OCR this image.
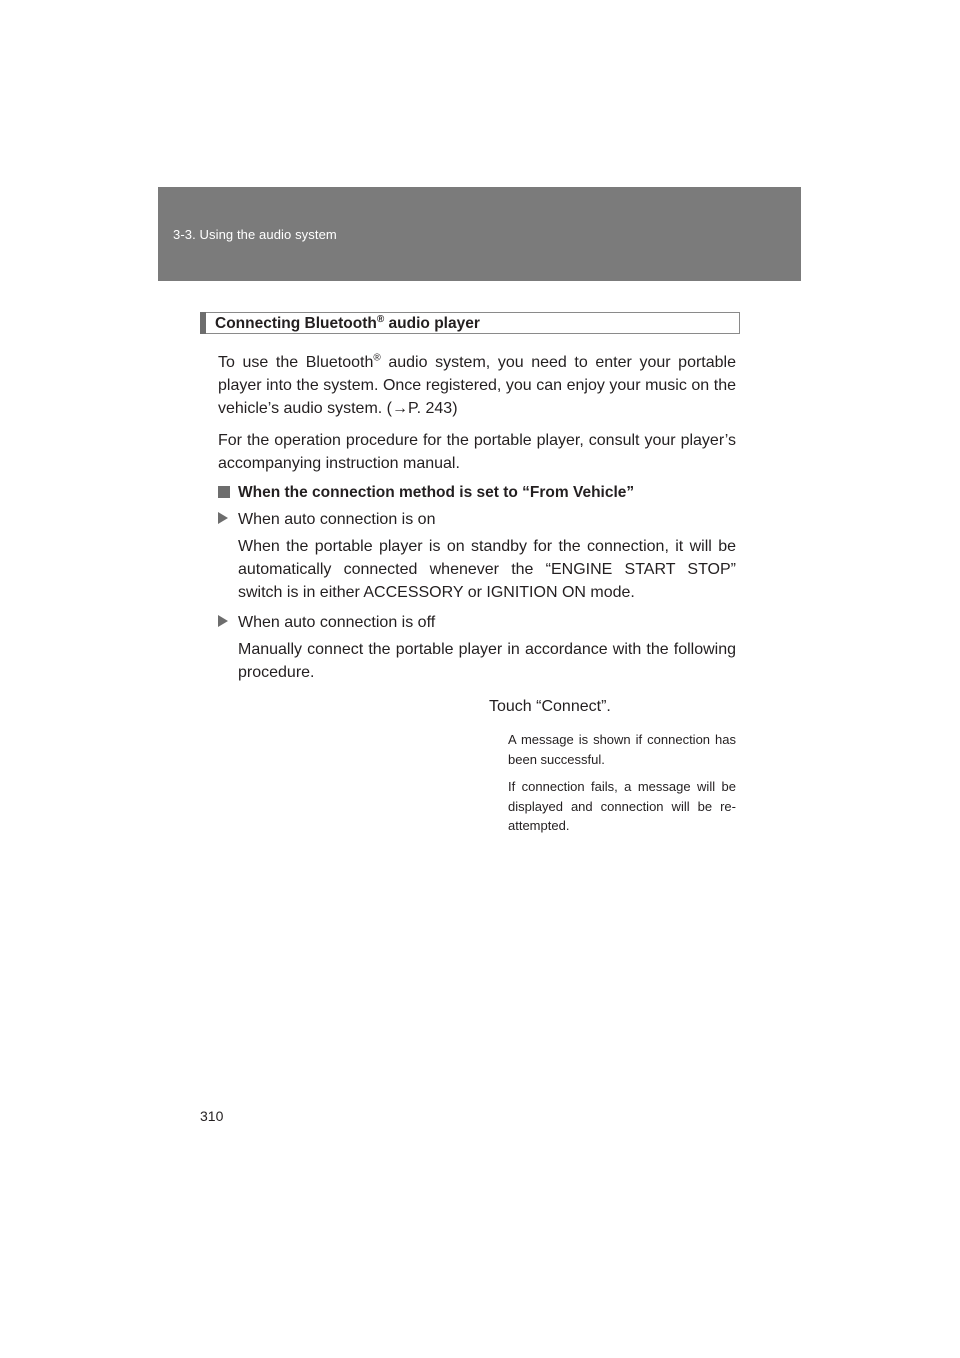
3-3. Using the audio system
Connecting Bluetooth® audio player

To use the Bluetooth® audio system, you need to enter your portable player into the system. Once registered, you can enjoy your music on the vehicle’s audio system. (→P. 243)

For the operation procedure for the portable player, consult your player’s accompanying instruction manual.

When the connection method is set to “From Vehicle”
When auto connection is on

When the portable player is on standby for the connection, it will be automatically connected whenever the “ENGINE START STOP” switch is in either ACCESSORY or IGNITION ON mode.

When auto connection is off

Manually connect the portable player in accordance with the following procedure.

Touch “Connect”.

A message is shown if connection has been successful.

If connection fails, a message will be displayed and connection will be re-attempted.

310
